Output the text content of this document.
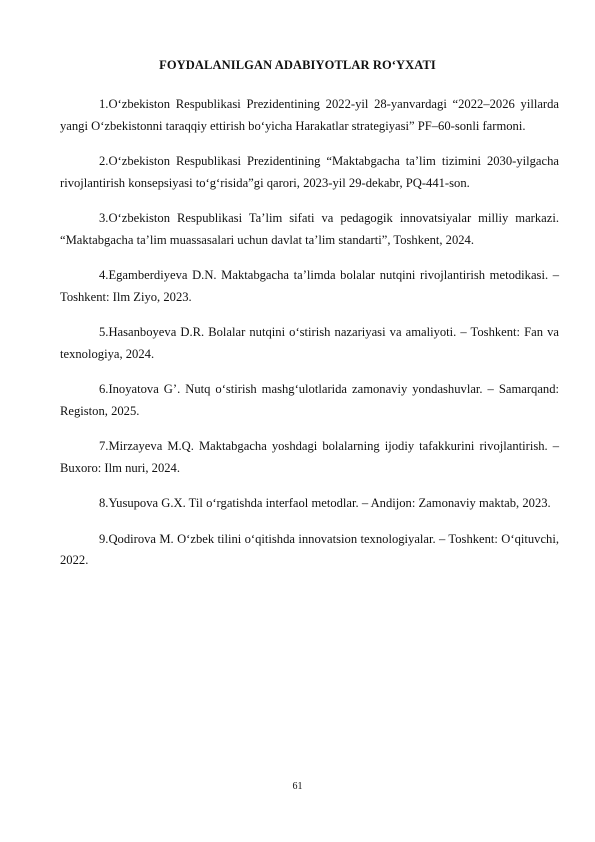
FOYDALANILGAN ADABIYOTLAR RO‘YXATI

1.O‘zbekiston Respublikasi Prezidentining 2022-yil 28-yanvardagi “2022–2026 yillarda yangi O‘zbekistonni taraqqiy ettirish bo‘yicha Harakatlar strategiyasi” PF–60-sonli farmoni.

2.O‘zbekiston Respublikasi Prezidentining “Maktabgacha ta’lim tizimini 2030-yilgacha rivojlantirish konsepsiyasi to‘g‘risida”gi qarori, 2023-yil 29-dekabr, PQ-441-son.

3.O‘zbekiston Respublikasi Ta’lim sifati va pedagogik innovatsiyalar milliy markazi. “Maktabgacha ta’lim muassasalari uchun davlat ta’lim standarti”, Toshkent, 2024.

4.Egamberdiyeva D.N. Maktabgacha ta’limda bolalar nutqini rivojlantirish metodikasi. – Toshkent: Ilm Ziyo, 2023.

5.Hasanboyeva D.R. Bolalar nutqini o‘stirish nazariyasi va amaliyoti. – Toshkent: Fan va texnologiya, 2024.

6.Inoyatova G’. Nutq o‘stirish mashg‘ulotlarida zamonaviy yondashuvlar. – Samarqand: Registon, 2025.

7.Mirzayeva M.Q. Maktabgacha yoshdagi bolalarning ijodiy tafakkurini rivojlantirish. – Buxoro: Ilm nuri, 2024.

8.Yusupova G.X. Til o‘rgatishda interfaol metodlar. – Andijon: Zamonaviy maktab, 2023.

9.Qodirova M. O‘zbek tilini o‘qitishda innovatsion texnologiyalar. – Toshkent: O‘qituvchi, 2022.

61
